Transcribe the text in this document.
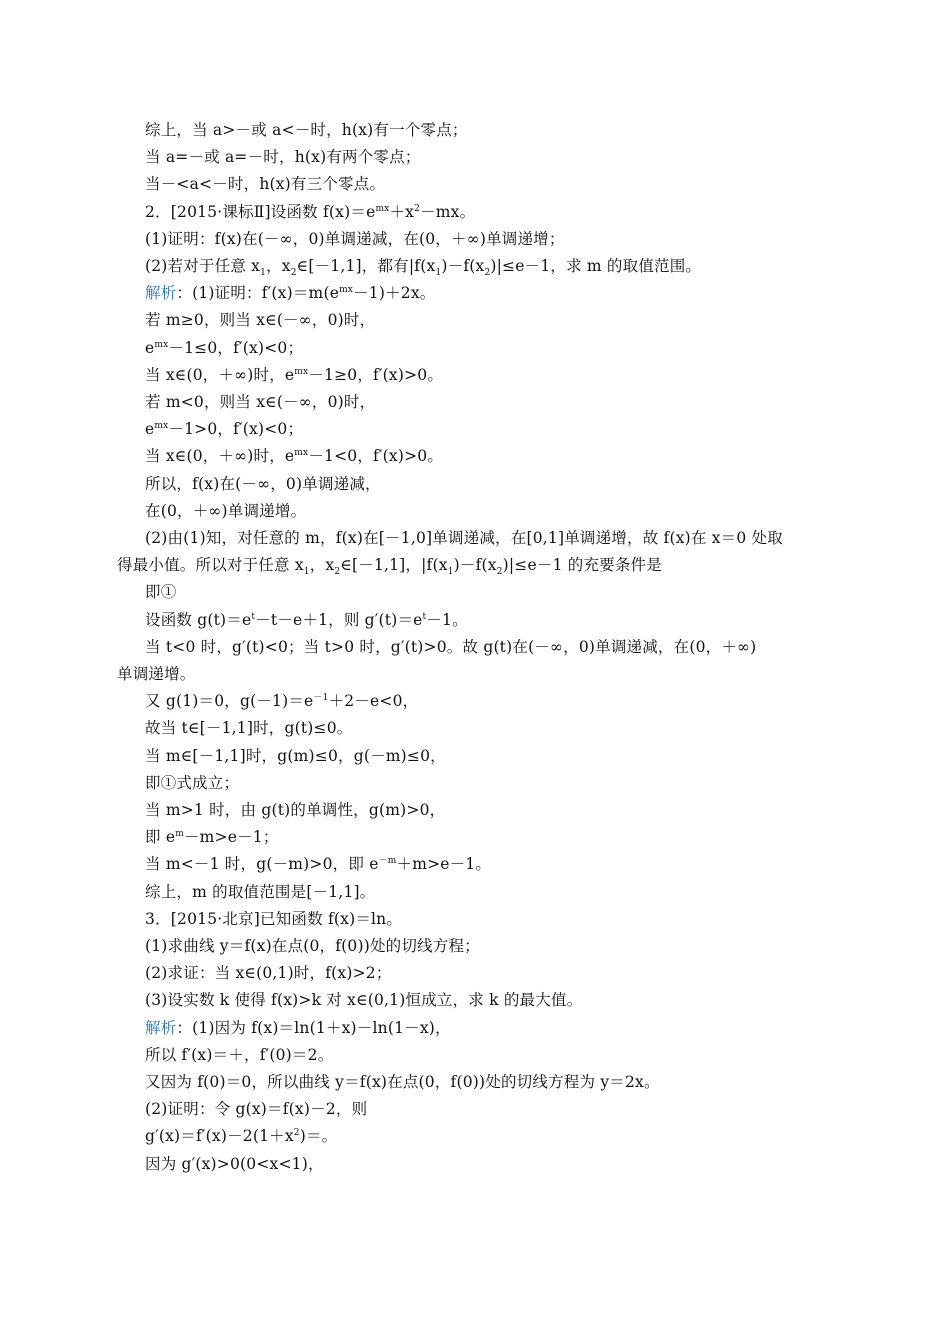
综上，当 a>－或 a<－时，h(x)有一个零点；
当 a=－或 a=－时，h(x)有两个零点；
当－<a<－时，h(x)有三个零点。
2．[2015·课标Ⅱ]设函数 $f(x)=e^{mx}+x^2-mx$。
(1)证明：f(x)在(－∞，0)单调递减，在(0，＋∞)单调递增；
(2)若对于任意 $x_1$，$x_2\in[-1,1]$，都有$|f(x_1)-f(x_2)|\le e-1$，求 m 的取值范围。
解析：(1)证明：$f'(x)=m(e^{mx}-1)+2x$。
若 m≥0，则当 x∈(－∞，0)时，
$e^{mx}-1\le 0$，f′(x)<0；
当 x∈(0，＋∞)时，$e^{mx}-1\ge 0$，f′(x)>0。
若 m<0，则当 x∈(－∞，0)时，
$e^{mx}-1>0$，f′(x)<0；
当 x∈(0，＋∞)时，$e^{mx}-1<0$，f′(x)>0。
所以，f(x)在(－∞，0)单调递减，
在(0，＋∞)单调递增。
(2)由(1)知，对任意的 m，f(x)在[－1,0]单调递减，在[0,1]单调递增，故 f(x)在 x＝0 处取
得最小值。所以对于任意 $x_1$，$x_2\in[-1,1]$，$|f(x_1)-f(x_2)|\le e-1$ 的充要条件是
即①
设函数 $g(t)=e^t-t-e+1$，则 $g'(t)=e^t-1$。
当 t<0 时，g′(t)<0；当 t>0 时，g′(t)>0。故 g(t)在(－∞，0)单调递减，在(0，＋∞)
单调递增。
又 g(1)＝0，$g(-1)=e^{-1}+2-e<0$，
故当 t∈[－1,1]时，g(t)≤0。
当 m∈[－1,1]时，g(m)≤0，g(－m)≤0，
即①式成立；
当 m>1 时，由 g(t)的单调性，g(m)>0，
即 $e^m-m>e-1$；
当 m<－1 时，g(－m)>0，即 $e^{-m}+m>e-1$。
综上，m 的取值范围是[－1,1]。
3．[2015·北京]已知函数 f(x)＝ln。
(1)求曲线 y＝f(x)在点(0，f(0))处的切线方程；
(2)求证：当 x∈(0,1)时，f(x)>2；
(3)设实数 k 使得 f(x)>k 对 x∈(0,1)恒成立，求 k 的最大值。
解析：(1)因为 f(x)＝ln(1＋x)－ln(1－x)，
所以 f′(x)＝＋，f′(0)＝2。
又因为 f(0)＝0，所以曲线 y＝f(x)在点(0，f(0))处的切线方程为 y＝2x。
(2)证明：令 g(x)＝f(x)－2，则
$g'(x)=f'(x)-2(1+x^2)=$。
因为 g′(x)>0(0<x<1)，
